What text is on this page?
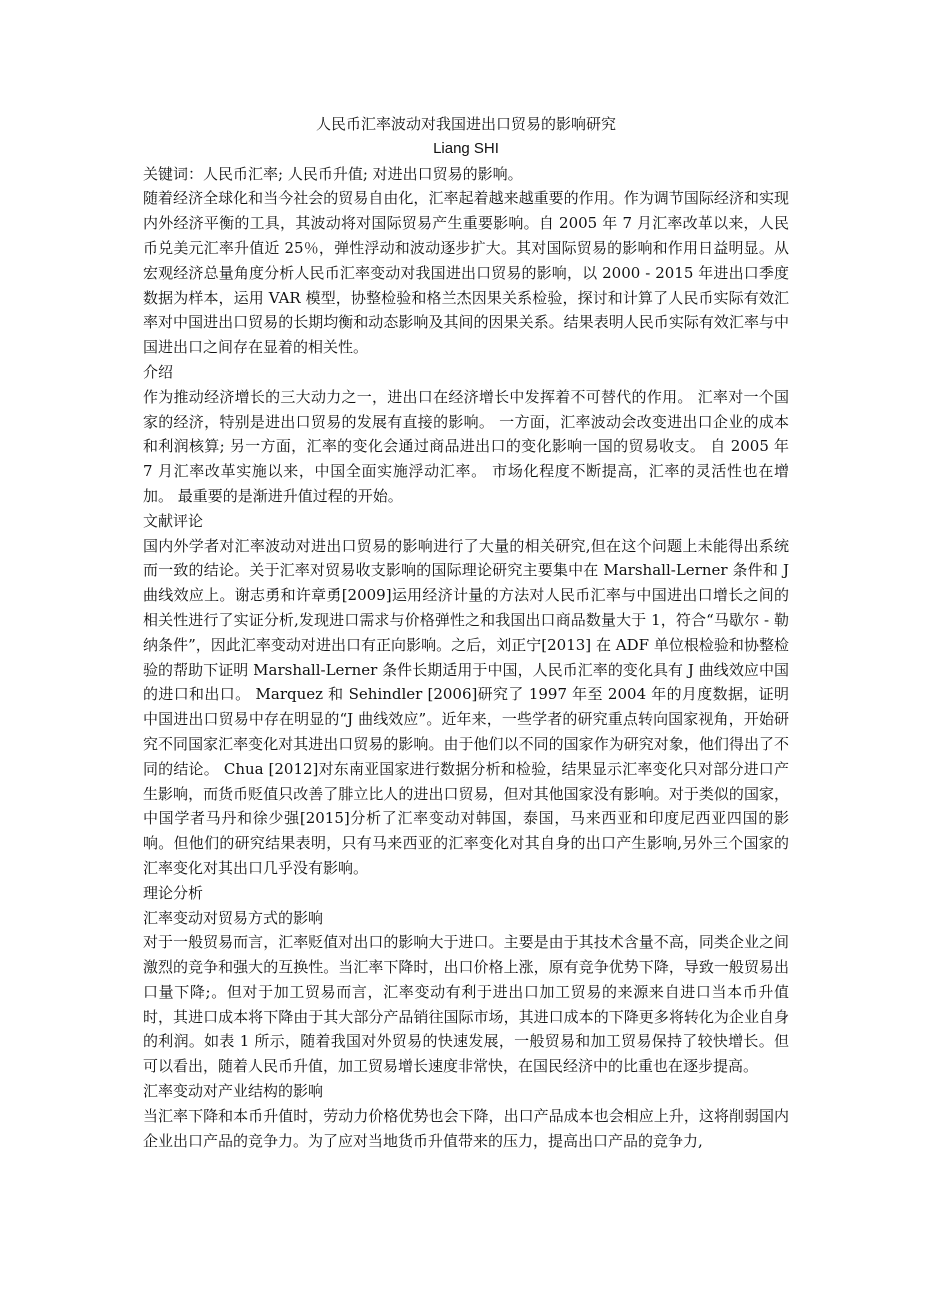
人民币汇率波动对我国进出口贸易的影响研究

Liang SHI

关键词：人民币汇率; 人民币升值; 对进出口贸易的影响。

随着经济全球化和当今社会的贸易自由化，汇率起着越来越重要的作用。作为调节国际经济和实现内外经济平衡的工具，其波动将对国际贸易产生重要影响。自 2005 年 7 月汇率改革以来，人民币兑美元汇率升值近 25％，弹性浮动和波动逐步扩大。其对国际贸易的影响和作用日益明显。从宏观经济总量角度分析人民币汇率变动对我国进出口贸易的影响，以 2000 - 2015 年进出口季度数据为样本，运用 VAR 模型，协整检验和格兰杰因果关系检验，探讨和计算了人民币实际有效汇率对中国进出口贸易的长期均衡和动态影响及其间的因果关系。结果表明人民币实际有效汇率与中国进出口之间存在显着的相关性。

介绍

作为推动经济增长的三大动力之一，进出口在经济增长中发挥着不可替代的作用。 汇率对一个国家的经济，特别是进出口贸易的发展有直接的影响。 一方面，汇率波动会改变进出口企业的成本和利润核算; 另一方面，汇率的变化会通过商品进出口的变化影响一国的贸易收支。 自 2005 年 7 月汇率改革实施以来，中国全面实施浮动汇率。 市场化程度不断提高，汇率的灵活性也在增加。 最重要的是渐进升值过程的开始。

文献评论

国内外学者对汇率波动对进出口贸易的影响进行了大量的相关研究,但在这个问题上未能得出系统而一致的结论。关于汇率对贸易收支影响的国际理论研究主要集中在 Marshall-Lerner 条件和 J 曲线效应上。谢志勇和许章勇[2009]运用经济计量的方法对人民币汇率与中国进出口增长之间的相关性进行了实证分析,发现进口需求与价格弹性之和我国出口商品数量大于 1，符合“马歇尔 - 勒纳条件”，因此汇率变动对进出口有正向影响。之后，刘正宁[2013] 在 ADF 单位根检验和协整检验的帮助下证明 Marshall-Lerner 条件长期适用于中国，人民币汇率的变化具有 J 曲线效应中国的进口和出口。 Marquez 和 Sehindler [2006]研究了 1997 年至 2004 年的月度数据，证明中国进出口贸易中存在明显的“J 曲线效应”。近年来，一些学者的研究重点转向国家视角，开始研究不同国家汇率变化对其进出口贸易的影响。由于他们以不同的国家作为研究对象，他们得出了不同的结论。 Chua [2012]对东南亚国家进行数据分析和检验，结果显示汇率变化只对部分进口产生影响，而货币贬值只改善了腓立比人的进出口贸易，但对其他国家没有影响。对于类似的国家，中国学者马丹和徐少强[2015]分析了汇率变动对韩国，泰国，马来西亚和印度尼西亚四国的影响。但他们的研究结果表明，只有马来西亚的汇率变化对其自身的出口产生影响,另外三个国家的汇率变化对其出口几乎没有影响。

理论分析

汇率变动对贸易方式的影响

对于一般贸易而言，汇率贬值对出口的影响大于进口。主要是由于其技术含量不高，同类企业之间激烈的竞争和强大的互换性。当汇率下降时，出口价格上涨，原有竞争优势下降，导致一般贸易出口量下降;。但对于加工贸易而言，汇率变动有利于进出口加工贸易的来源来自进口当本币升值时，其进口成本将下降由于其大部分产品销往国际市场，其进口成本的下降更多将转化为企业自身的利润。如表 1 所示，随着我国对外贸易的快速发展，一般贸易和加工贸易保持了较快增长。但可以看出，随着人民币升值，加工贸易增长速度非常快，在国民经济中的比重也在逐步提高。

汇率变动对产业结构的影响

当汇率下降和本币升值时，劳动力价格优势也会下降，出口产品成本也会相应上升，这将削弱国内企业出口产品的竞争力。为了应对当地货币升值带来的压力，提高出口产品的竞争力,
